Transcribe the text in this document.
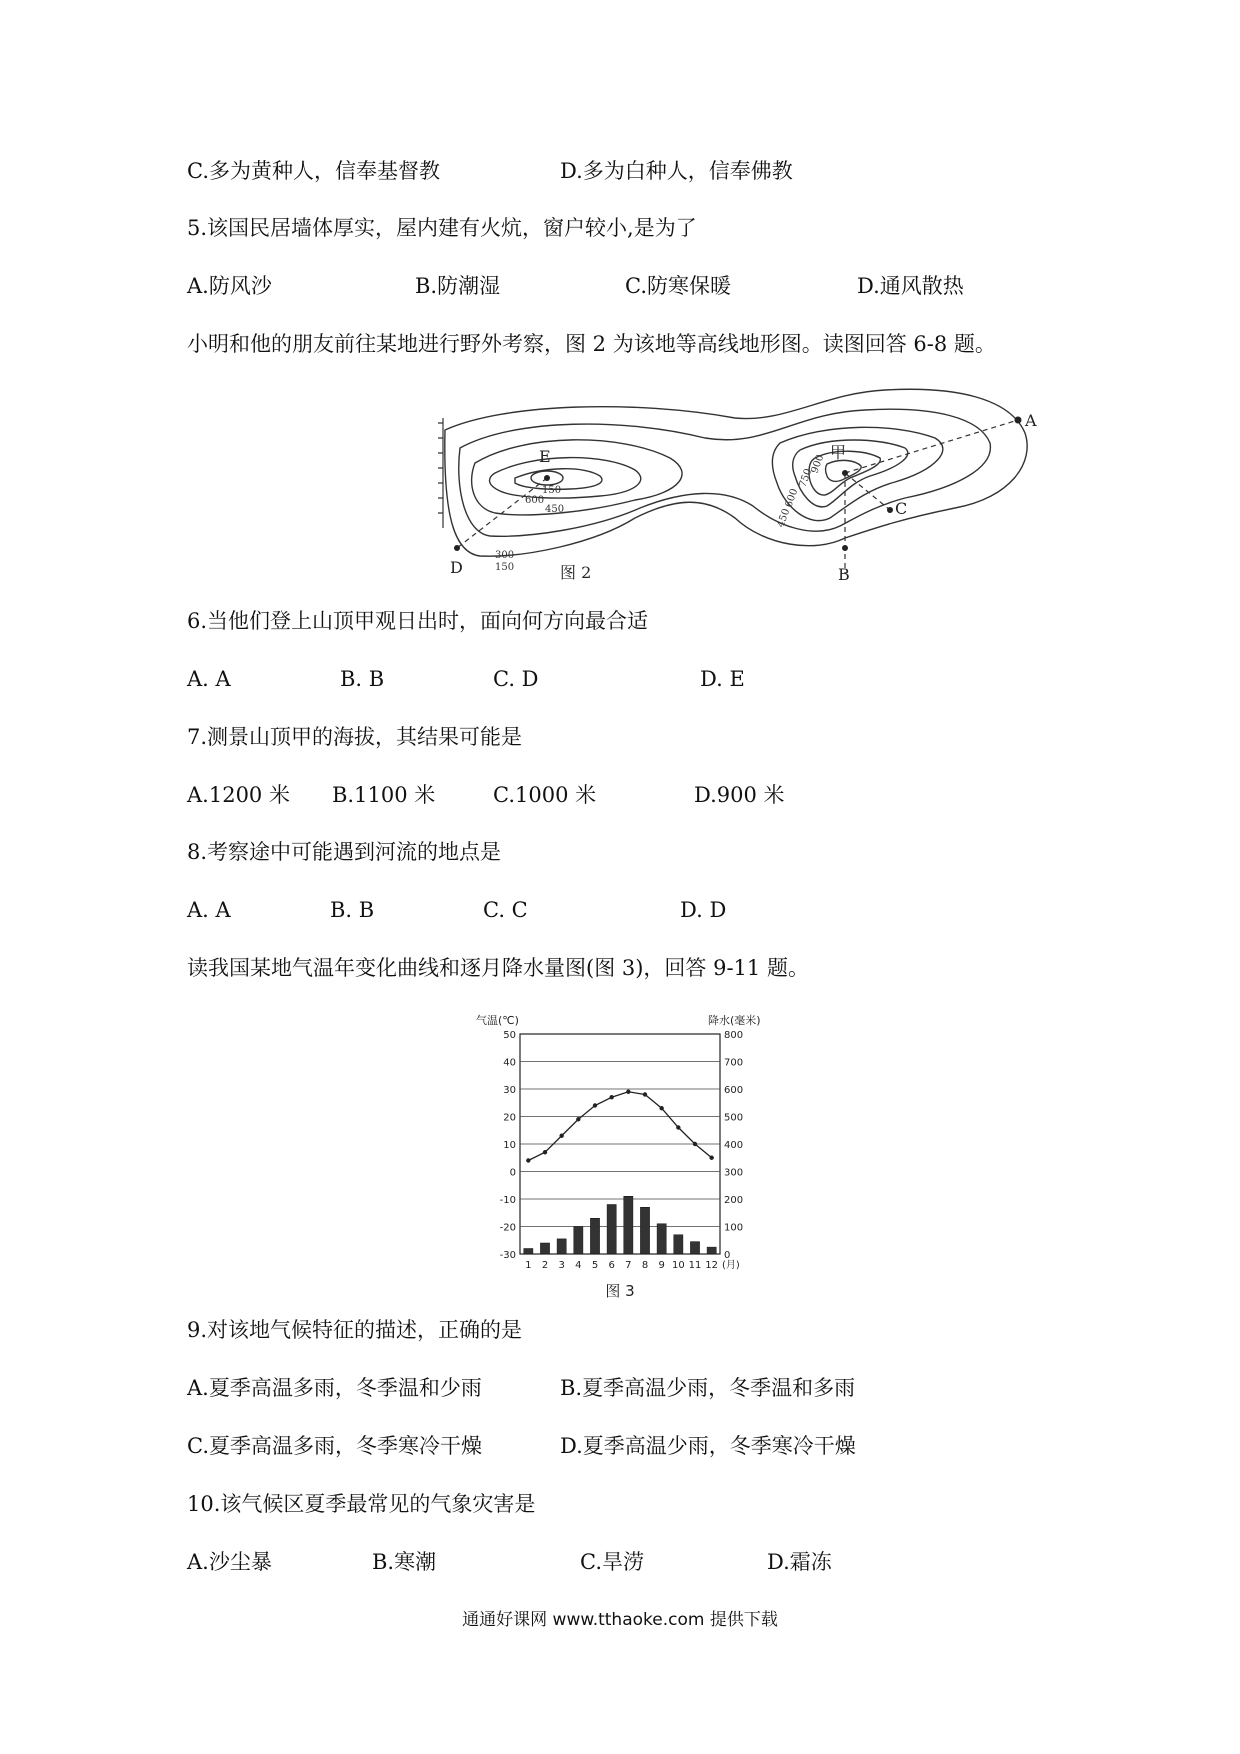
C.多为黄种人，信奉基督教	D.多为白种人，信奉佛教
5.该国民居墙体厚实，屋内建有火炕，窗户较小,是为了
A.防风沙	B.防潮湿	C.防寒保暖	D.通风散热
小明和他的朋友前往某地进行野外考察，图 2 为该地等高线地形图。读图回答 6-8 题。
A
B
C
D
E	甲
150
300
450
600
150
900
750
600
450
图 2
6.当他们登上山顶甲观日出时，面向何方向最合适
A. A	B. B	C. D	D. E
7.测景山顶甲的海拔，其结果可能是
A.1200 米 B.1100 米	C.1000 米	D.900 米
8.考察途中可能遇到河流的地点是
A. A	B. B	C. C	D. D
读我国某地气温年变化曲线和逐月降水量图(图 3)，回答 9-11 题。
气温(℃)	降水(毫米)
50
40
30
20
10
0
-10
-20
-30
800
700
600
500
400
300
200
100
0
1 2 3 4 5 6 7 8 9 10 11 12 (月)
图 3
9.对该地气候特征的描述，正确的是
A.夏季高温多雨，冬季温和少雨	B.夏季高温少雨，冬季温和多雨
C.夏季高温多雨，冬季寒冷干燥	D.夏季高温少雨，冬季寒冷干燥
10.该气候区夏季最常见的气象灾害是
A.沙尘暴	B.寒潮	C.旱涝	D.霜冻
通通好课网 www.tthaoke.com 提供下载
